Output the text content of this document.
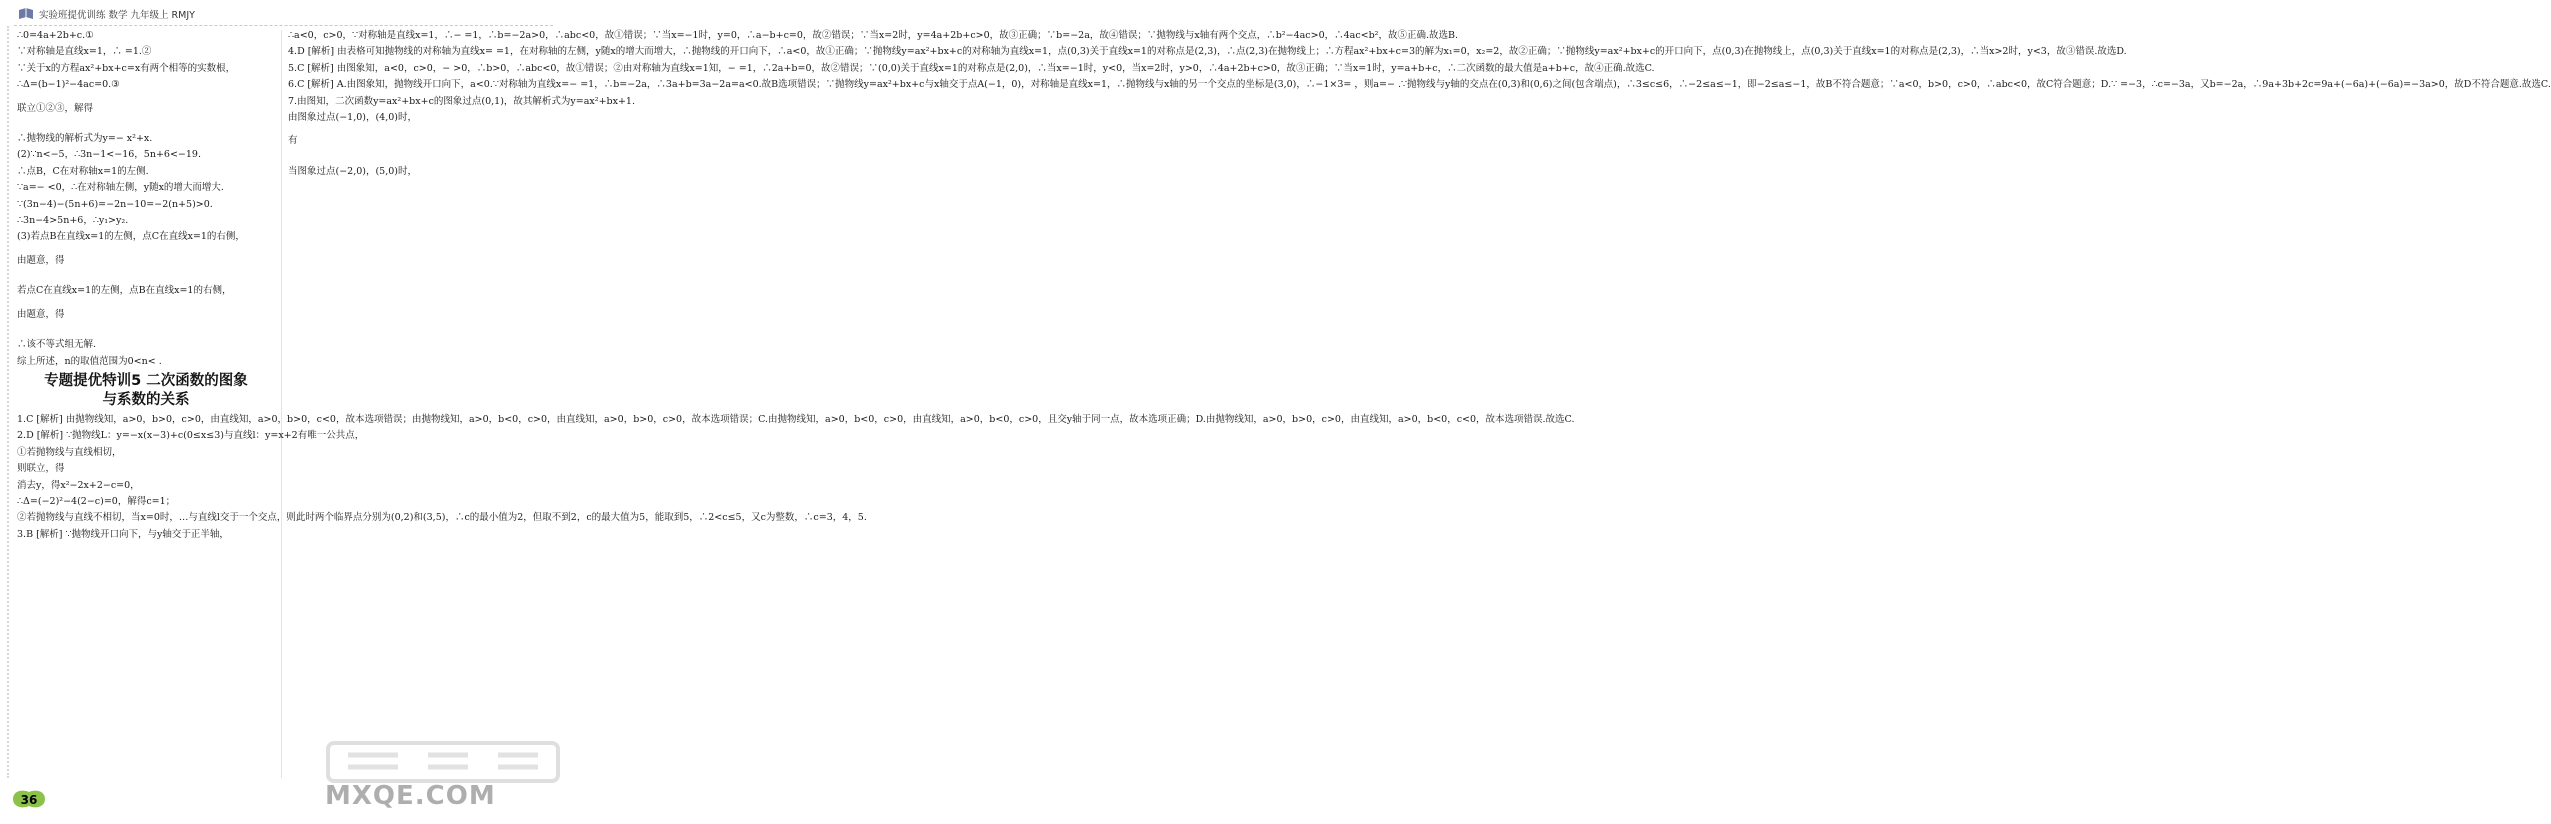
实验班提优训练 数学 九年级上 RMJY

∴0=4a+2b+c.①

∵对称轴是直线x=1，∴ =1.②

∵关于x的方程ax²+bx+c=x有两个相等的实数根，

∴Δ=(b−1)²−4ac=0.③

联立①②③，解得

∴抛物线的解析式为y=− x²+x.

(2)∵n<−5，∴3n−1<−16，5n+6<−19.

∴点B，C在对称轴x=1的左侧.

∵a=− <0，∴在对称轴左侧，y随x的增大而增大.

∵(3n−4)−(5n+6)=−2n−10=−2(n+5)>0.

∴3n−4>5n+6，∴y₁>y₂.

(3)若点B在直线x=1的左侧，点C在直线x=1的右侧，

由题意，得

若点C在直线x=1的左侧，点B在直线x=1的右侧，

由题意，得

∴该不等式组无解.

综上所述，n的取值范围为0<n< .

专题提优特训5 二次函数的图象
与系数的关系

1.C [解析] 由抛物线知，a>0，b>0，c>0，由直线知，a>0，b>0，c<0，故本选项错误；由抛物线知，a>0，b<0，c>0，由直线知，a>0，b>0，c>0，故本选项错误；C.由抛物线知，a>0，b<0，c>0，由直线知，a>0，b<0，c>0，且交y轴于同一点，故本选项正确；D.由抛物线知，a>0，b>0，c>0，由直线知，a>0，b<0，c<0，故本选项错误.故选C.

2.D [解析] ∵抛物线L：y=−x(x−3)+c(0≤x≤3)与直线l：y=x+2有唯一公共点，

①若抛物线与直线相切，

则联立，得

消去y，得x²−2x+2−c=0，

∴Δ=(−2)²−4(2−c)=0，解得c=1；

②若抛物线与直线不相切，当x=0时，…与直线l交于一个交点，则此时两个临界点分别为(0,2)和(3,5)，∴c的最小值为2，但取不到2，c的最大值为5，能取到5，∴2<c≤5，又c为整数，∴c=3，4，5.

3.B [解析] ∵抛物线开口向下，与y轴交于正半轴，

∴a<0，c>0，∵对称轴是直线x=1，∴− =1，∴b=−2a>0，∴abc<0，故①错误；∵当x=−1时，y=0，∴a−b+c=0，故②错误；∵当x=2时，y=4a+2b+c>0，故③正确；∵b=−2a，故④错误；∵抛物线与x轴有两个交点，∴b²−4ac>0，∴4ac<b²，故⑤正确.故选B.

4.D [解析] 由表格可知抛物线的对称轴为直线x= =1，在对称轴的左侧，y随x的增大而增大，∴抛物线的开口向下，∴a<0，故①正确；∵抛物线y=ax²+bx+c的对称轴为直线x=1，点(0,3)关于直线x=1的对称点是(2,3)，∴点(2,3)在抛物线上；∴方程ax²+bx+c=3的解为x₁=0，x₂=2，故②正确；∵抛物线y=ax²+bx+c的开口向下，点(0,3)在抛物线上，点(0,3)关于直线x=1的对称点是(2,3)，∴当x>2时，y<3，故③错误.故选D.

5.C [解析] 由图象知，a<0，c>0，− >0，∴b>0，∴abc<0，故①错误；②由对称轴为直线x=1知，− =1，∴2a+b=0，故②错误；∵(0,0)关于直线x=1的对称点是(2,0)，∴当x=−1时，y<0，当x=2时，y>0，∴4a+2b+c>0，故③正确；∵当x=1时，y=a+b+c，∴二次函数的最大值是a+b+c，故④正确.故选C.

6.C [解析] A.由图象知，抛物线开口向下，a<0.∵对称轴为直线x=− =1，∴b=−2a，∴3a+b=3a−2a=a<0.故B选项错误；∵抛物线y=ax²+bx+c与x轴交于点A(−1，0)，对称轴是直线x=1，∴抛物线与x轴的另一个交点的坐标是(3,0)，∴−1×3= ，则a=− .∵抛物线与y轴的交点在(0,3)和(0,6)之间(包含端点)，∴3≤c≤6，∴−2≤a≤−1，即−2≤a≤−1，故B不符合题意；∵a<0，b>0，c>0，∴abc<0，故C符合题意；D.∵ =−3，∴c=−3a，又b=−2a，∴9a+3b+2c=9a+(−6a)+(−6a)=−3a>0，故D不符合题意.故选C.

7.由图知，二次函数y=ax²+bx+c的图象过点(0,1)，故其解析式为y=ax²+bx+1.

由图象过点(−1,0)，(4,0)时，

有

当图象过点(−2,0)，(5,0)时，

36	MXQE.COM
